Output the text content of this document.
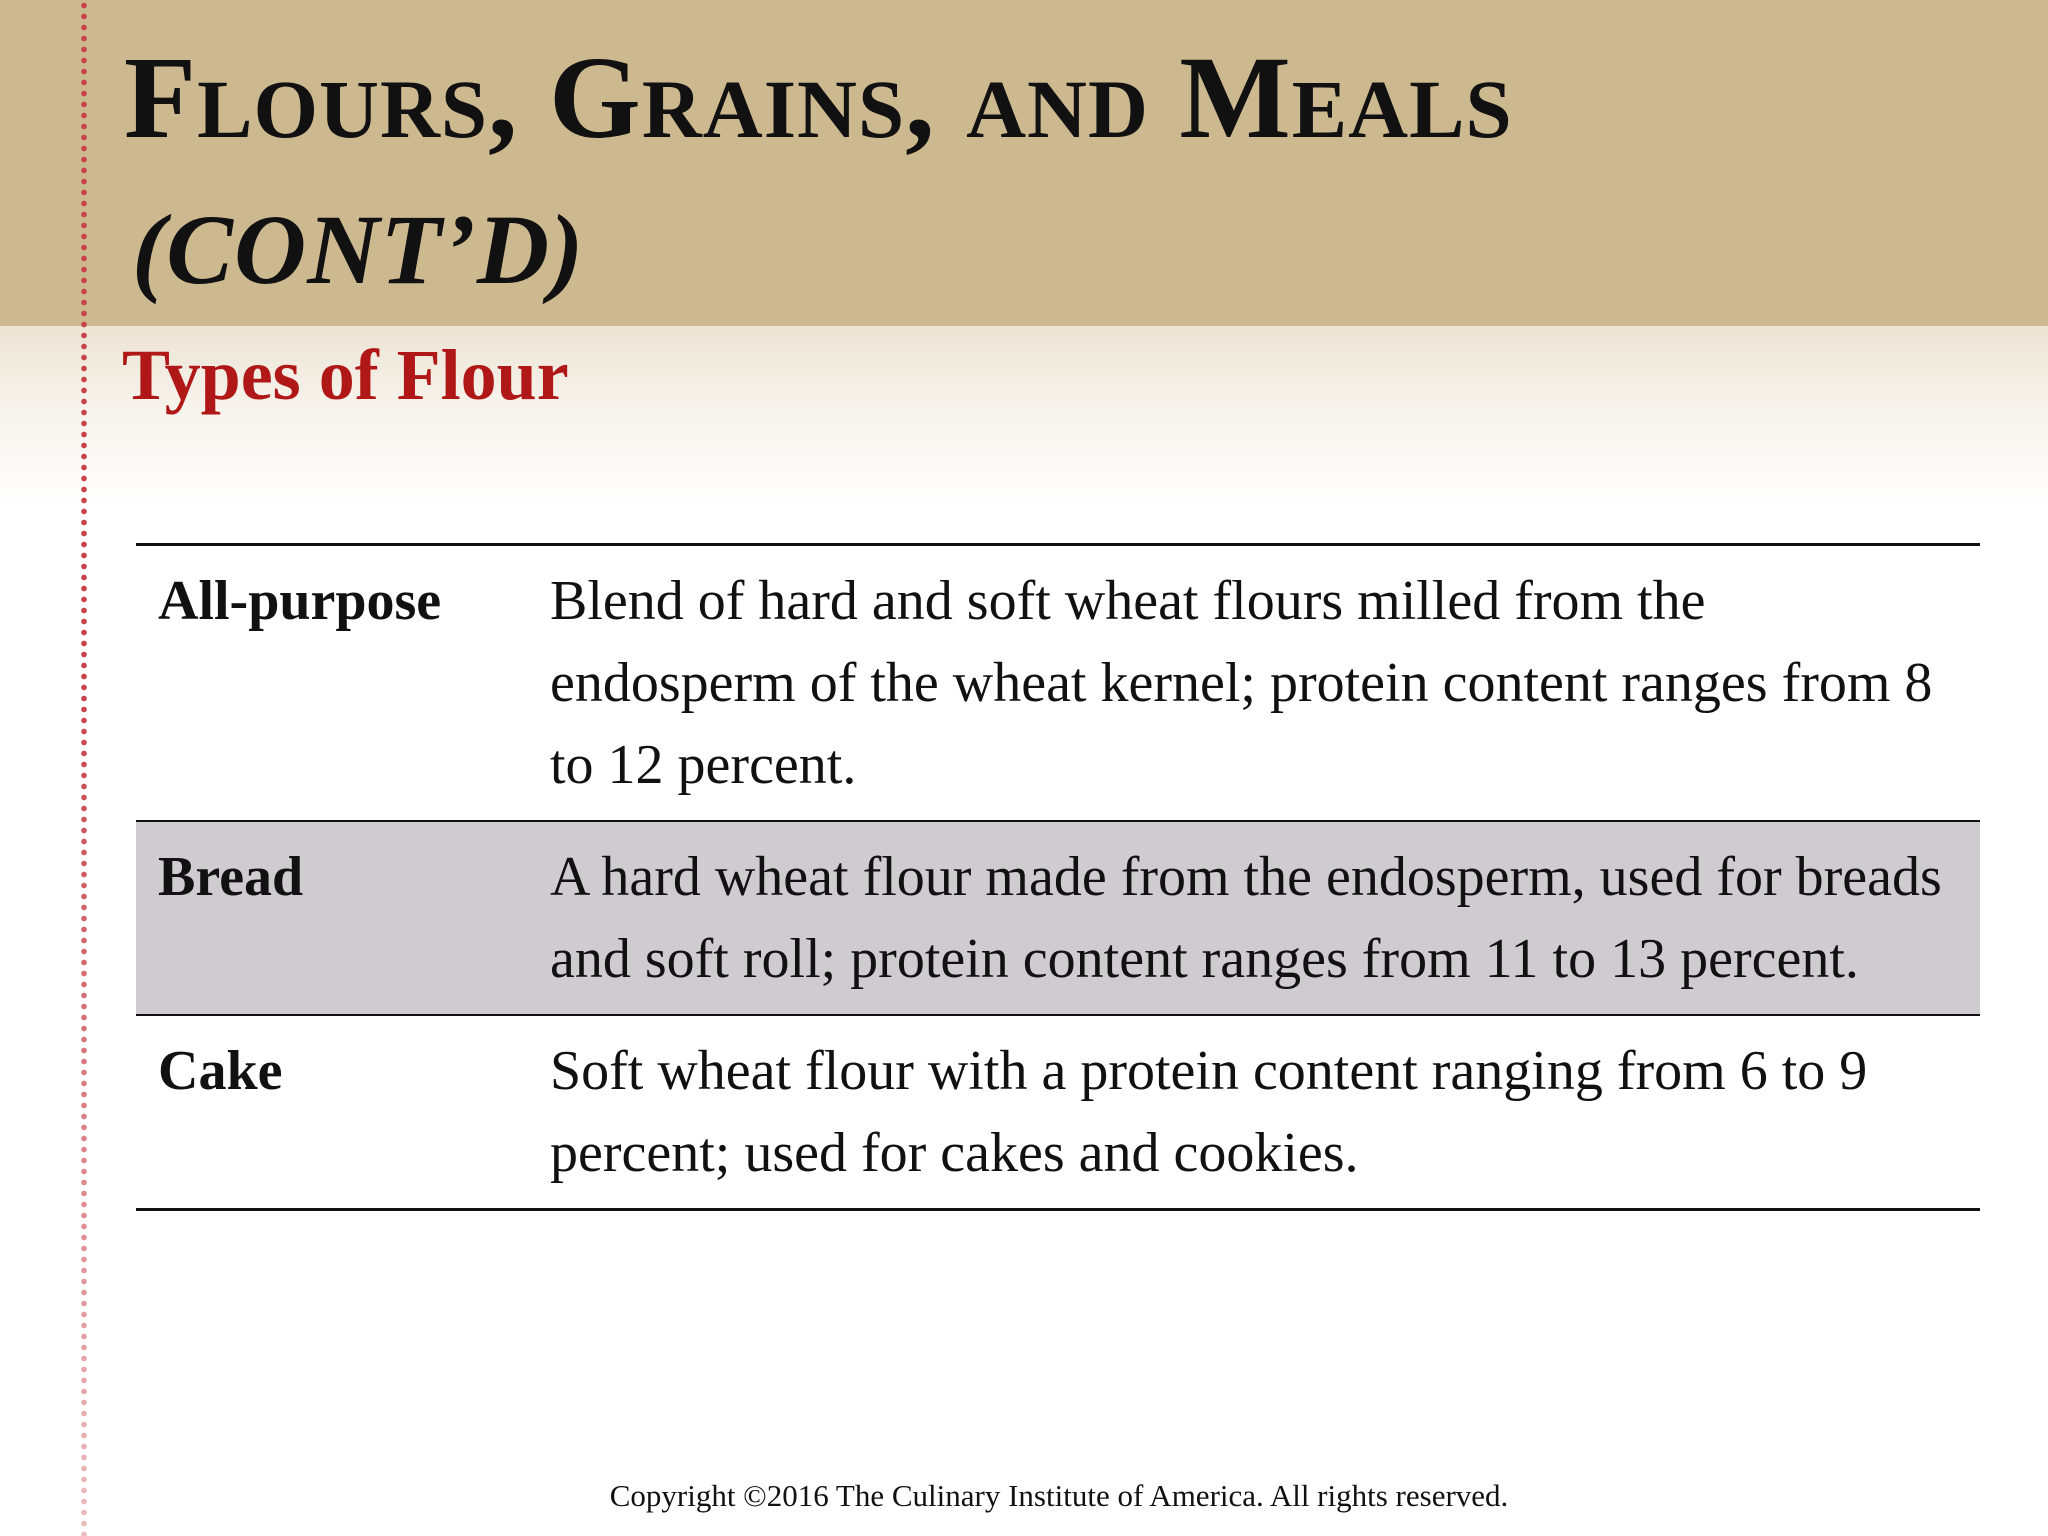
Flours, Grains, and Meals
(CONT’D)
Types of Flour
All-purpose	Blend of hard and soft wheat flours milled from the endosperm of the wheat kernel; protein content ranges from 8 to 12 percent.
Bread	A hard wheat flour made from the endosperm, used for breads and soft roll; protein content ranges from 11 to 13 percent.
Cake	Soft wheat flour with a protein content ranging from 6 to 9 percent; used for cakes and cookies.
Copyright ©2016 The Culinary Institute of America. All rights reserved.
